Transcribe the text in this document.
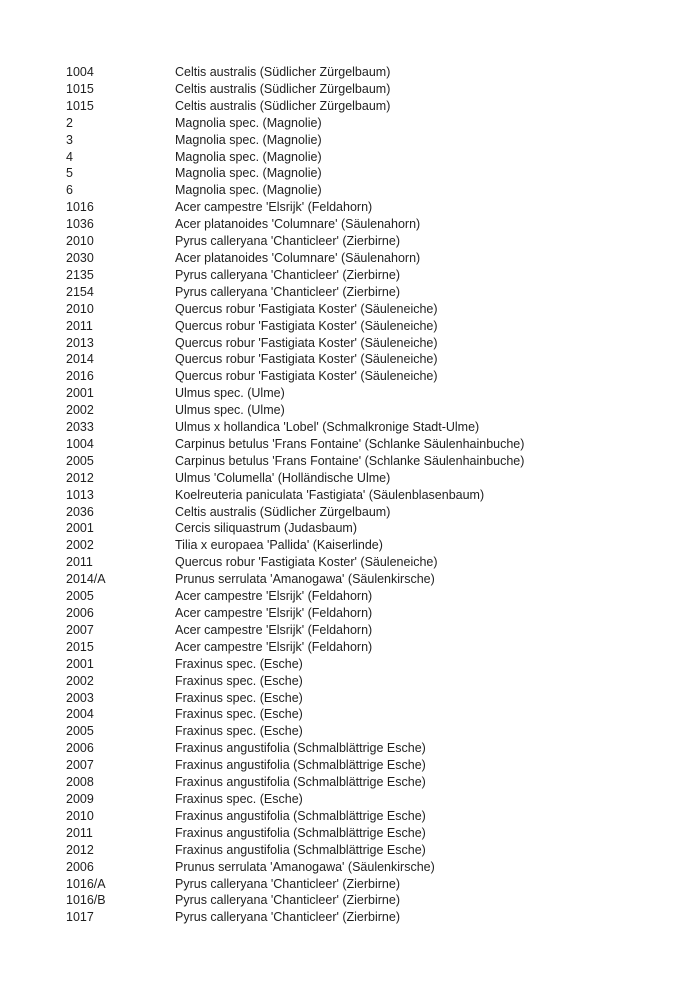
1004	Celtis australis (Südlicher Zürgelbaum)
1015	Celtis australis (Südlicher Zürgelbaum)
1015	Celtis australis (Südlicher Zürgelbaum)
2	Magnolia spec. (Magnolie)
3	Magnolia spec. (Magnolie)
4	Magnolia spec. (Magnolie)
5	Magnolia spec. (Magnolie)
6	Magnolia spec. (Magnolie)
1016	Acer campestre 'Elsrijk' (Feldahorn)
1036	Acer platanoides 'Columnare' (Säulenahorn)
2010	Pyrus calleryana 'Chanticleer' (Zierbirne)
2030	Acer platanoides 'Columnare' (Säulenahorn)
2135	Pyrus calleryana 'Chanticleer' (Zierbirne)
2154	Pyrus calleryana 'Chanticleer' (Zierbirne)
2010	Quercus robur 'Fastigiata Koster' (Säuleneiche)
2011	Quercus robur 'Fastigiata Koster' (Säuleneiche)
2013	Quercus robur 'Fastigiata Koster' (Säuleneiche)
2014	Quercus robur 'Fastigiata Koster' (Säuleneiche)
2016	Quercus robur 'Fastigiata Koster' (Säuleneiche)
2001	Ulmus spec. (Ulme)
2002	Ulmus spec. (Ulme)
2033	Ulmus x hollandica 'Lobel' (Schmalkronige Stadt-Ulme)
1004	Carpinus betulus 'Frans Fontaine' (Schlanke Säulenhainbuche)
2005	Carpinus betulus 'Frans Fontaine' (Schlanke Säulenhainbuche)
2012	Ulmus 'Columella' (Holländische Ulme)
1013	Koelreuteria paniculata 'Fastigiata' (Säulenblasenbaum)
2036	Celtis australis (Südlicher Zürgelbaum)
2001	Cercis siliquastrum (Judasbaum)
2002	Tilia x europaea 'Pallida' (Kaiserlinde)
2011	Quercus robur 'Fastigiata Koster' (Säuleneiche)
2014/A	Prunus serrulata 'Amanogawa' (Säulenkirsche)
2005	Acer campestre 'Elsrijk' (Feldahorn)
2006	Acer campestre 'Elsrijk' (Feldahorn)
2007	Acer campestre 'Elsrijk' (Feldahorn)
2015	Acer campestre 'Elsrijk' (Feldahorn)
2001	Fraxinus spec. (Esche)
2002	Fraxinus spec. (Esche)
2003	Fraxinus spec. (Esche)
2004	Fraxinus spec. (Esche)
2005	Fraxinus spec. (Esche)
2006	Fraxinus angustifolia (Schmalblättrige Esche)
2007	Fraxinus angustifolia (Schmalblättrige Esche)
2008	Fraxinus angustifolia (Schmalblättrige Esche)
2009	Fraxinus spec. (Esche)
2010	Fraxinus angustifolia (Schmalblättrige Esche)
2011	Fraxinus angustifolia (Schmalblättrige Esche)
2012	Fraxinus angustifolia (Schmalblättrige Esche)
2006	Prunus serrulata 'Amanogawa' (Säulenkirsche)
1016/A	Pyrus calleryana 'Chanticleer' (Zierbirne)
1016/B	Pyrus calleryana 'Chanticleer' (Zierbirne)
1017	Pyrus calleryana 'Chanticleer' (Zierbirne)
